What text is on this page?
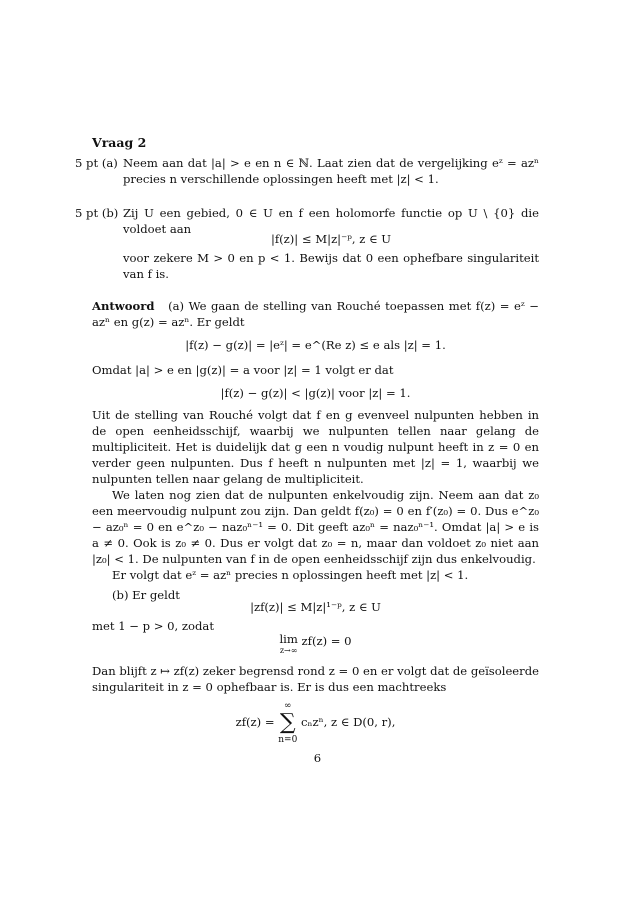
Vraag 2
5 pt (a) Neem aan dat |a| > e en n ∈ ℕ. Laat zien dat de vergelijking eᶻ = azⁿ precies n verschillende oplossingen heeft met |z| < 1.
5 pt (b) Zij U een gebied, 0 ∈ U en f een holomorfe functie op U \ {0} die voldoet aan
|f(z)| ≤ M|z|⁻ᵖ, z ∈ U
voor zekere M > 0 en p < 1. Bewijs dat 0 een ophefbare singulariteit van f is.
Antwoord (a) We gaan de stelling van Rouché toepassen met f(z) = eᶻ − azⁿ en g(z) = azⁿ. Er geldt
|f(z) − g(z)| = |eᶻ| = e^(Re z) ≤ e als |z| = 1.
Omdat |a| > e en |g(z)| = a voor |z| = 1 volgt er dat
|f(z) − g(z)| < |g(z)| voor |z| = 1.
Uit de stelling van Rouché volgt dat f en g evenveel nulpunten hebben in de open eenheidsschijf, waarbij we nulpunten tellen naar gelang de multipliciteit. Het is duidelijk dat g een n voudig nulpunt heeft in z = 0 en verder geen nulpunten. Dus f heeft n nulpunten met |z| = 1, waarbij we nulpunten tellen naar gelang de multipliciteit.
We laten nog zien dat de nulpunten enkelvoudig zijn. Neem aan dat z₀ een meervoudig nulpunt zou zijn. Dan geldt f(z₀) = 0 en f′(z₀) = 0. Dus e^z₀ − az₀ⁿ = 0 en e^z₀ − naz₀ⁿ⁻¹ = 0. Dit geeft az₀ⁿ = naz₀ⁿ⁻¹. Omdat |a| > e is a ≠ 0. Ook is z₀ ≠ 0. Dus er volgt dat z₀ = n, maar dan voldoet z₀ niet aan |z₀| < 1. De nulpunten van f in de open eenheidsschijf zijn dus enkelvoudig.
Er volgt dat eᶻ = azⁿ precies n oplossingen heeft met |z| < 1.
(b) Er geldt
|zf(z)| ≤ M|z|¹⁻ᵖ, z ∈ U
met 1 − p > 0, zodat
lim
z→∞
zf(z) = 0
Dan blijft z ↦ zf(z) zeker begrensd rond z = 0 en er volgt dat de geïsoleerde singulariteit in z = 0 ophefbaar is. Er is dus een machtreeks
zf(z) =
∞
∑
n=0
cₙzⁿ, z ∈ D(0, r),
6
